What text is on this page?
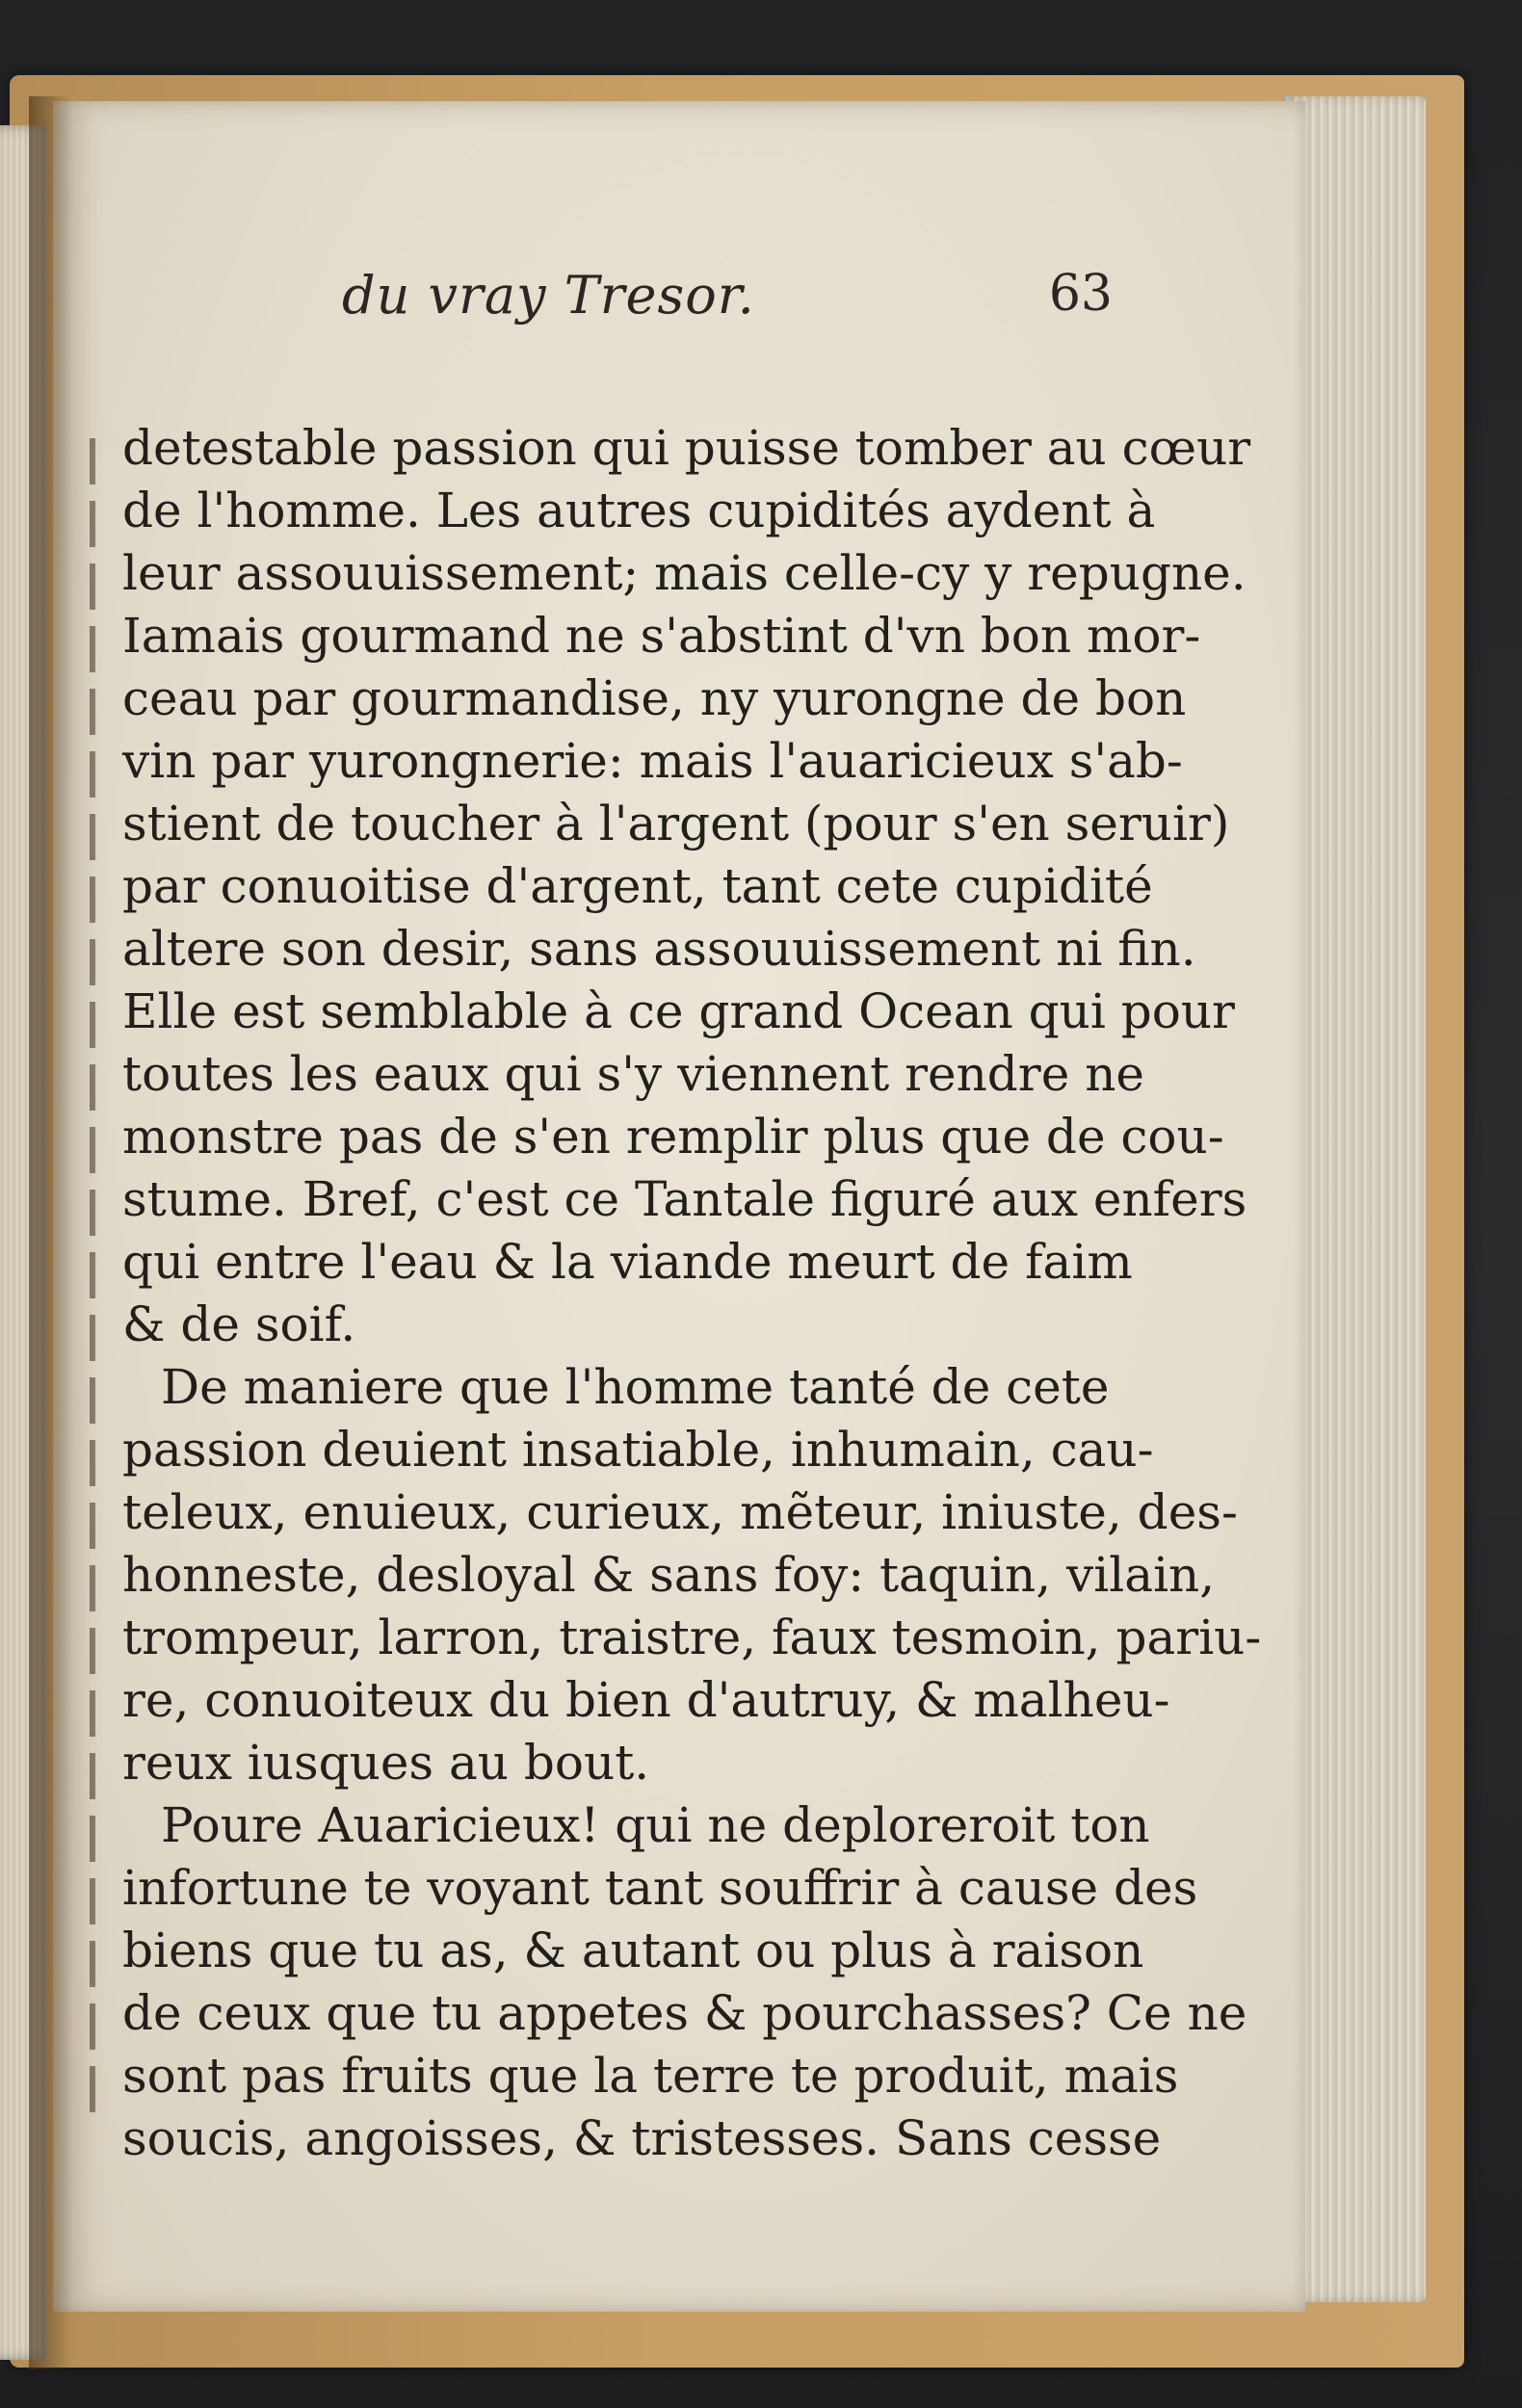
du vray Tresor.	63
detestable passion qui puisse tomber au cœur
de l'homme. Les autres cupidités aydent à
leur assouuissement; mais celle-cy y repugne.
Iamais gourmand ne s'abstint d'vn bon mor-
ceau par gourmandise, ny yurongne de bon
vin par yurongnerie: mais l'auaricieux s'ab-
stient de toucher à l'argent (pour s'en seruir)
par conuoitise d'argent, tant cete cupidité
altere son desir, sans assouuissement ni fin.
Elle est semblable à ce grand Ocean qui pour
toutes les eaux qui s'y viennent rendre ne
monstre pas de s'en remplir plus que de cou-
stume. Bref, c'est ce Tantale figuré aux enfers
qui entre l'eau & la viande meurt de faim
& de soif.
De maniere que l'homme tanté de cete
passion deuient insatiable, inhumain, cau-
teleux, enuieux, curieux, mẽteur, iniuste, des-
honneste, desloyal & sans foy: taquin, vilain,
trompeur, larron, traistre, faux tesmoin, pariu-
re, conuoiteux du bien d'autruy, & malheu-
reux iusques au bout.
Poure Auaricieux! qui ne deploreroit ton
infortune te voyant tant souffrir à cause des
biens que tu as, & autant ou plus à raison
de ceux que tu appetes & pourchasses? Ce ne
sont pas fruits que la terre te produit, mais
soucis, angoisses, & tristesses. Sans cesse
